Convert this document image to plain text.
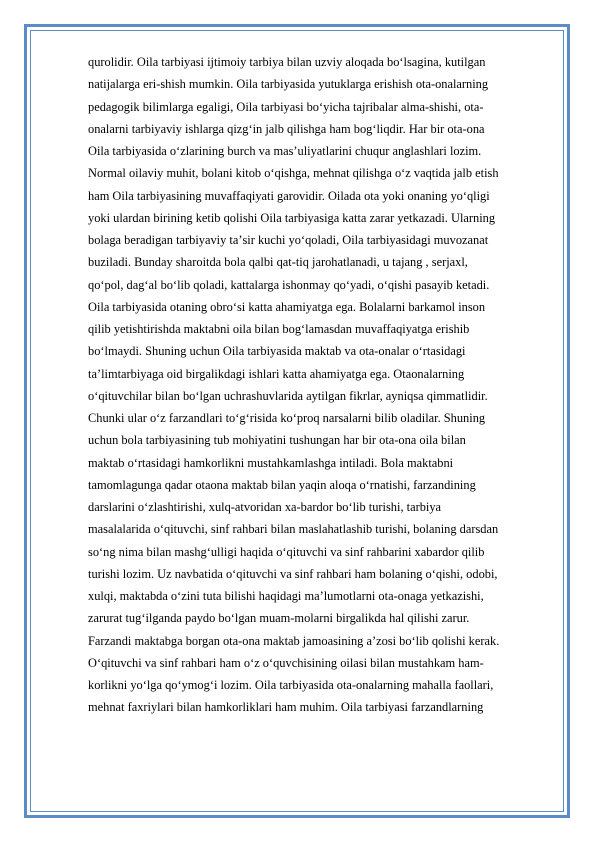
qurolidir. Oila tarbiyasi ijtimoiy tarbiya bilan uzviy aloqada boʻlsagina, kutilgan
natijalarga eri-shish mumkin. Oila tarbiyasida yutuklarga erishish ota-onalarning
pedagogik bilimlarga egaligi, Oila tarbiyasi boʻyicha tajribalar alma-shishi, ota-
onalarni tarbiyaviy ishlarga qizgʻin jalb qilishga ham bogʻliqdir. Har bir ota-ona
Oila tarbiyasida oʻzlarining burch va masʼuliyatlarini chuqur anglashlari lozim.
Normal oilaviy muhit, bolani kitob oʻqishga, mehnat qilishga oʻz vaqtida jalb etish
ham Oila tarbiyasining muvaffaqiyati garovidir. Oilada ota yoki onaning yoʻqligi
yoki ulardan birining ketib qolishi Oila tarbiyasiga katta zarar yetkazadi. Ularning
bolaga beradigan tarbiyaviy taʼsir kuchi yoʻqoladi, Oila tarbiyasidagi muvozanat
buziladi. Bunday sharoitda bola qalbi qat-tiq jarohatlanadi, u tajang , serjaxl,
qoʻpol, dagʻal boʻlib qoladi, kattalarga ishonmay qoʻyadi, oʻqishi pasayib ketadi.
Oila tarbiyasida otaning obroʻsi katta ahamiyatga ega. Bolalarni barkamol inson
qilib yetishtirishda maktabni oila bilan bogʻlamasdan muvaffaqiyatga erishib
boʻlmaydi. Shuning uchun Oila tarbiyasida maktab va ota-onalar oʻrtasidagi
taʼlimtarbiyaga oid birgalikdagi ishlari katta ahamiyatga ega. Otaonalarning
oʻqituvchilar bilan boʻlgan uchrashuvlarida aytilgan fikrlar, ayniqsa qimmatlidir.
Chunki ular oʻz farzandlari toʻgʻrisida koʻproq narsalarni bilib oladilar. Shuning
uchun bola tarbiyasining tub mohiyatini tushungan har bir ota-ona oila bilan
maktab oʻrtasidagi hamkorlikni mustahkamlashga intiladi. Bola maktabni
tamomlagunga qadar otaona maktab bilan yaqin aloqa oʻrnatishi, farzandining
darslarini oʻzlashtirishi, xulq-atvoridan xa-bardor boʻlib turishi, tarbiya
masalalarida oʻqituvchi, sinf rahbari bilan maslahatlashib turishi, bolaning darsdan
soʻng nima bilan mashgʻulligi haqida oʻqituvchi va sinf rahbarini xabardor qilib
turishi lozim. Uz navbatida oʻqituvchi va sinf rahbari ham bolaning oʻqishi, odobi,
xulqi, maktabda oʻzini tuta bilishi haqidagi maʼlumotlarni ota-onaga yetkazishi,
zarurat tugʻilganda paydo boʻlgan muam-molarni birgalikda hal qilishi zarur.
Farzandi maktabga borgan ota-ona maktab jamoasining aʼzosi boʻlib qolishi kerak.
Oʻqituvchi va sinf rahbari ham oʻz oʻquvchisining oilasi bilan mustahkam ham-
korlikni yoʻlga qoʻymogʻi lozim. Oila tarbiyasida ota-onalarning mahalla faollari,
mehnat faxriylari bilan hamkorliklari ham muhim. Oila tarbiyasi farzandlarning
